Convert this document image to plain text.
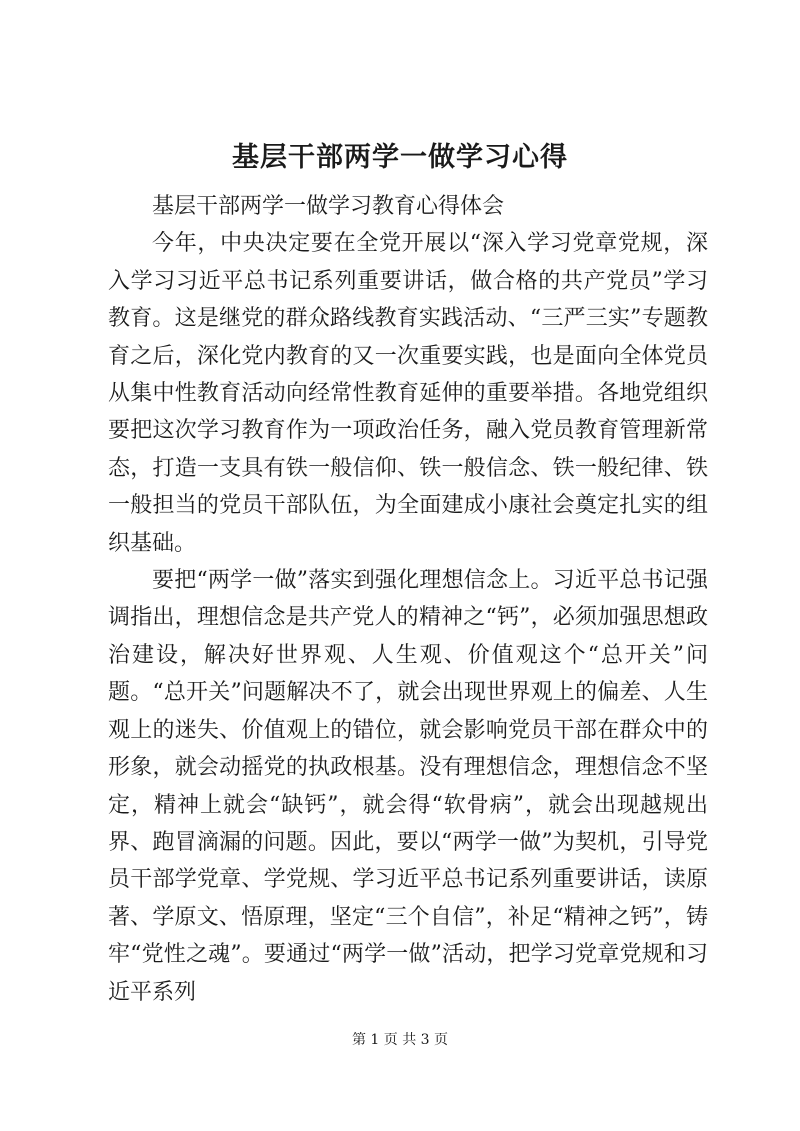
基层干部两学一做学习心得

基层干部两学一做学习教育心得体会

今年，中央决定要在全党开展以“深入学习党章党规，深入学习习近平总书记系列重要讲话，做合格的共产党员”学习教育。这是继党的群众路线教育实践活动、“三严三实”专题教育之后，深化党内教育的又一次重要实践，也是面向全体党员从集中性教育活动向经常性教育延伸的重要举措。各地党组织要把这次学习教育作为一项政治任务，融入党员教育管理新常态，打造一支具有铁一般信仰、铁一般信念、铁一般纪律、铁一般担当的党员干部队伍，为全面建成小康社会奠定扎实的组织基础。

要把“两学一做”落实到强化理想信念上。习近平总书记强调指出，理想信念是共产党人的精神之“钙”，必须加强思想政治建设，解决好世界观、人生观、价值观这个“总开关”问题。“总开关”问题解决不了，就会出现世界观上的偏差、人生观上的迷失、价值观上的错位，就会影响党员干部在群众中的形象，就会动摇党的执政根基。没有理想信念，理想信念不坚定，精神上就会“缺钙”，就会得“软骨病”，就会出现越规出界、跑冒滴漏的问题。因此，要以“两学一做”为契机，引导党员干部学党章、学党规、学习近平总书记系列重要讲话，读原著、学原文、悟原理，坚定“三个自信”，补足“精神之钙”，铸牢“党性之魂”。要通过“两学一做”活动，把学习党章党规和习近平系列

第 1 页 共 3 页
